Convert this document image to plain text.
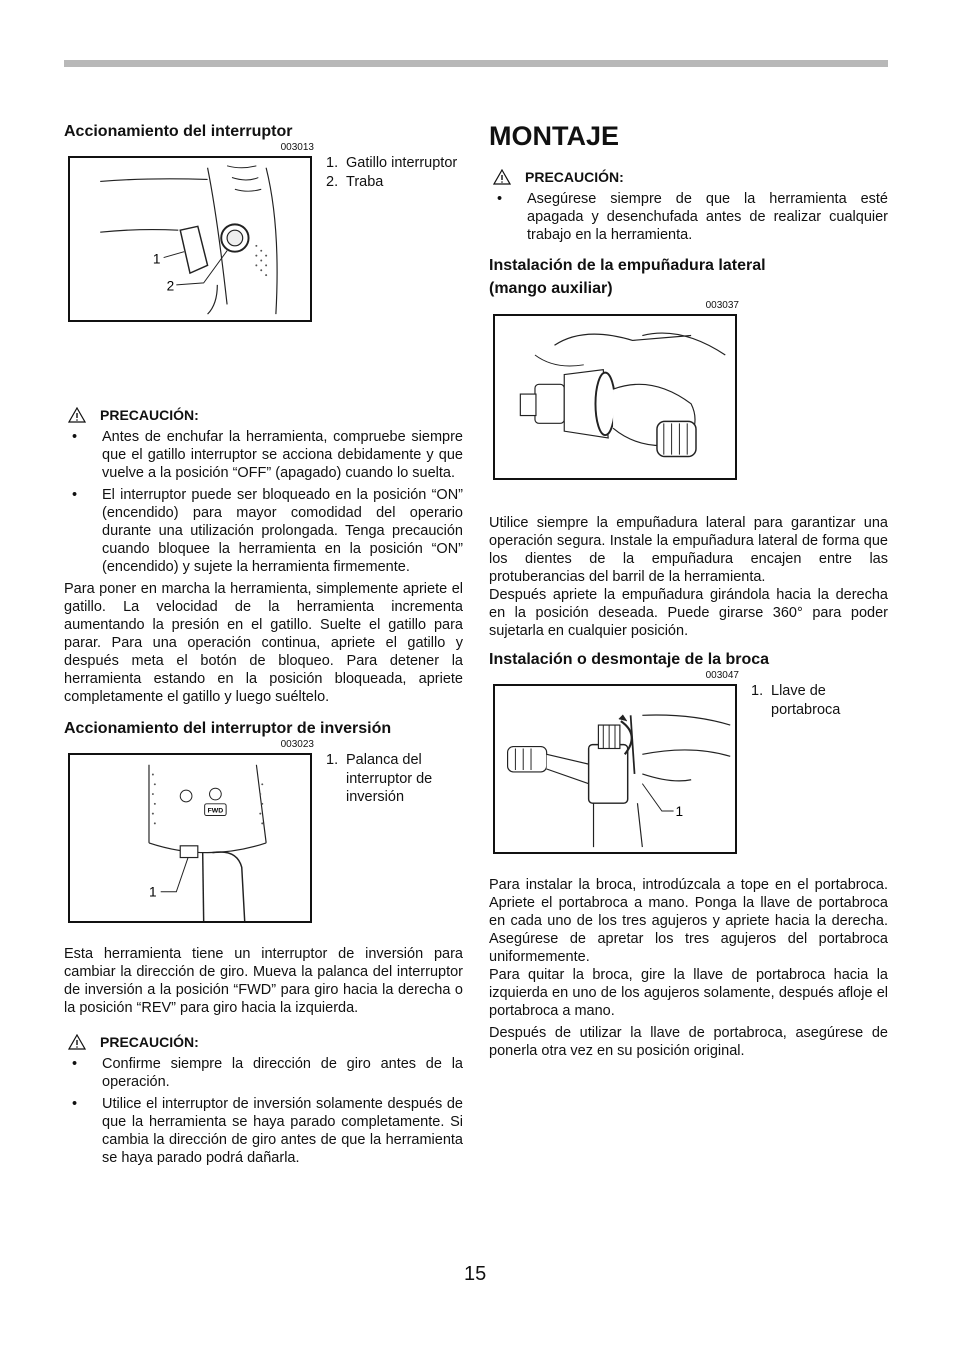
Accionamiento del interruptor

003013

1
2
1. Gatillo interruptor
2. Traba
PRECAUCIÓN:
• Antes de enchufar la herramienta, compruebe siempre que el gatillo interruptor se acciona debidamente y que vuelve a la posición “OFF” (apagado) cuando lo suelta.
• El interruptor puede ser bloqueado en la posición “ON” (encendido) para mayor comodidad del operario durante una utilización prolongada. Tenga precaución cuando bloquee la herramienta en la posición “ON” (encendido) y sujete la herramienta firmemente.

Para poner en marcha la herramienta, simplemente apriete el gatillo. La velocidad de la herramienta incrementa aumentando la presión en el gatillo. Suelte el gatillo para parar. Para una operación continua, apriete el gatillo y después meta el botón de bloqueo. Para detener la herramienta estando en la posición bloqueada, apriete completamente el gatillo y luego suéltelo.

Accionamiento del interruptor de inversión

003023

FWD
1
1. Palanca del interruptor de inversión

Esta herramienta tiene un interruptor de inversión para cambiar la dirección de giro. Mueva la palanca del interruptor de inversión a la posición “FWD” para giro hacia la derecha o la posición “REV” para giro hacia la izquierda.

PRECAUCIÓN:
• Confirme siempre la dirección de giro antes de la operación.
• Utilice el interruptor de inversión solamente después de que la herramienta se haya parado completamente. Si cambia la dirección de giro antes de que la herramienta se haya parado podrá dañarla.
MONTAJE
PRECAUCIÓN:
• Asegúrese siempre de que la herramienta esté apagada y desenchufada antes de realizar cualquier trabajo en la herramienta.
Instalación de la empuñadura lateral
(mango auxiliar)

003037

Utilice siempre la empuñadura lateral para garantizar una operación segura. Instale la empuñadura lateral de forma que los dientes de la empuñadura encajen entre las protuberancias del barril de la herramienta.

Después apriete la empuñadura girándola hacia la derecha en la posición deseada. Puede girarse 360° para poder sujetarla en cualquier posición.

Instalación o desmontaje de la broca

003047

1
1. Llave de portabroca

Para instalar la broca, introdúzcala a tope en el portabroca. Apriete el portabroca a mano. Ponga la llave de portabroca en cada uno de los tres agujeros y apriete hacia la derecha. Asegúrese de apretar los tres agujeros del portabroca uniformemente.

Para quitar la broca, gire la llave de portabroca hacia la izquierda en uno de los agujeros solamente, después afloje el portabroca a mano.

Después de utilizar la llave de portabroca, asegúrese de ponerla otra vez en su posición original.

15
